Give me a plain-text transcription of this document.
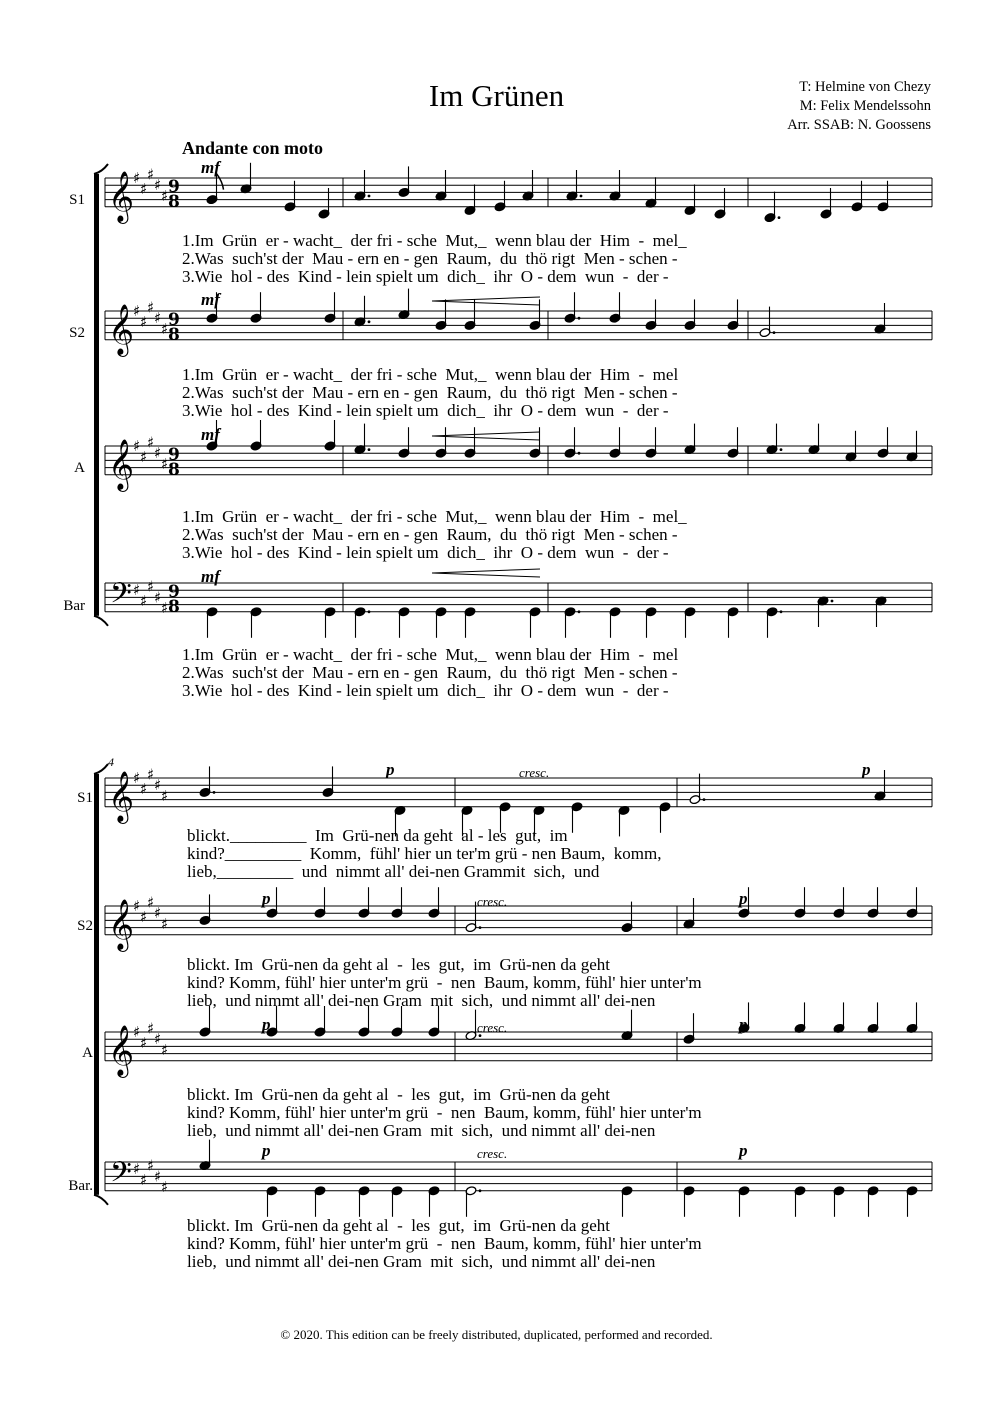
𝄞
♯
♯
♯
♯
♯ 9
8
𝄞
♯
♯
♯
♯
♯ 9
8
𝄞
♯
♯
♯
♯
♯ 9
8
𝄢 ♯
♯
♯
♯
♯
9
8
𝄞
♯
♯
♯
♯
♯
𝄞
♯
♯
♯
♯
♯
𝄞
♯
♯
♯
♯
♯
𝄢 ♯
♯
♯
♯
♯
Im Grünen	T: Helmine von Chezy
M: Felix Mendelssohn
Arr. SSAB: N. Goossens
Andante con moto
S1
S2
A
Bar
S1
S2
A
Bar.
4
mf
mf
mf
mf
p	p
cresc.
p	p
cresc.
p	p
cresc.
p	p
cresc.
1.Im  Grün  er - wacht_  der fri - sche  Mut,_  wenn blau der  Him  -  mel_
2.Was  such'st der  Mau - ern en - gen  Raum,  du  thö rigt  Men - schen -
3.Wie  hol - des  Kind - lein spielt um  dich_  ihr  O - dem  wun  -  der -
1.Im  Grün  er - wacht_  der fri - sche  Mut,_  wenn blau der  Him  -  mel
2.Was  such'st der  Mau - ern en - gen  Raum,  du  thö rigt  Men - schen -
3.Wie  hol - des  Kind - lein spielt um  dich_  ihr  O - dem  wun  -  der -
1.Im  Grün  er - wacht_  der fri - sche  Mut,_  wenn blau der  Him  -  mel_
2.Was  such'st der  Mau - ern en - gen  Raum,  du  thö rigt  Men - schen -
3.Wie  hol - des  Kind - lein spielt um  dich_  ihr  O - dem  wun  -  der -
1.Im  Grün  er - wacht_  der fri - sche  Mut,_  wenn blau der  Him  -  mel
2.Was  such'st der  Mau - ern en - gen  Raum,  du  thö rigt  Men - schen -
3.Wie  hol - des  Kind - lein spielt um  dich_  ihr  O - dem  wun  -  der -
blickt._________  Im  Grü-nen da geht  al - les  gut,  im
kind?_________  Komm,  fühl' hier un ter'm grü - nen Baum,  komm,
lieb,_________  und  nimmt all' dei-nen Grammit  sich,  und
blickt. Im  Grü-nen da geht al  -  les  gut,  im  Grü-nen da geht
kind? Komm, fühl' hier unter'm grü  -  nen  Baum, komm, fühl' hier unter'm
lieb,  und nimmt all' dei-nen Gram  mit  sich,  und nimmt all' dei-nen
blickt. Im  Grü-nen da geht al  -  les  gut,  im  Grü-nen da geht
kind? Komm, fühl' hier unter'm grü  -  nen  Baum, komm, fühl' hier unter'm
lieb,  und nimmt all' dei-nen Gram  mit  sich,  und nimmt all' dei-nen
blickt. Im  Grü-nen da geht al  -  les  gut,  im  Grü-nen da geht
kind? Komm, fühl' hier unter'm grü  -  nen  Baum, komm, fühl' hier unter'm
lieb,  und nimmt all' dei-nen Gram  mit  sich,  und nimmt all' dei-nen
© 2020. This edition can be freely distributed, duplicated, performed and recorded.
